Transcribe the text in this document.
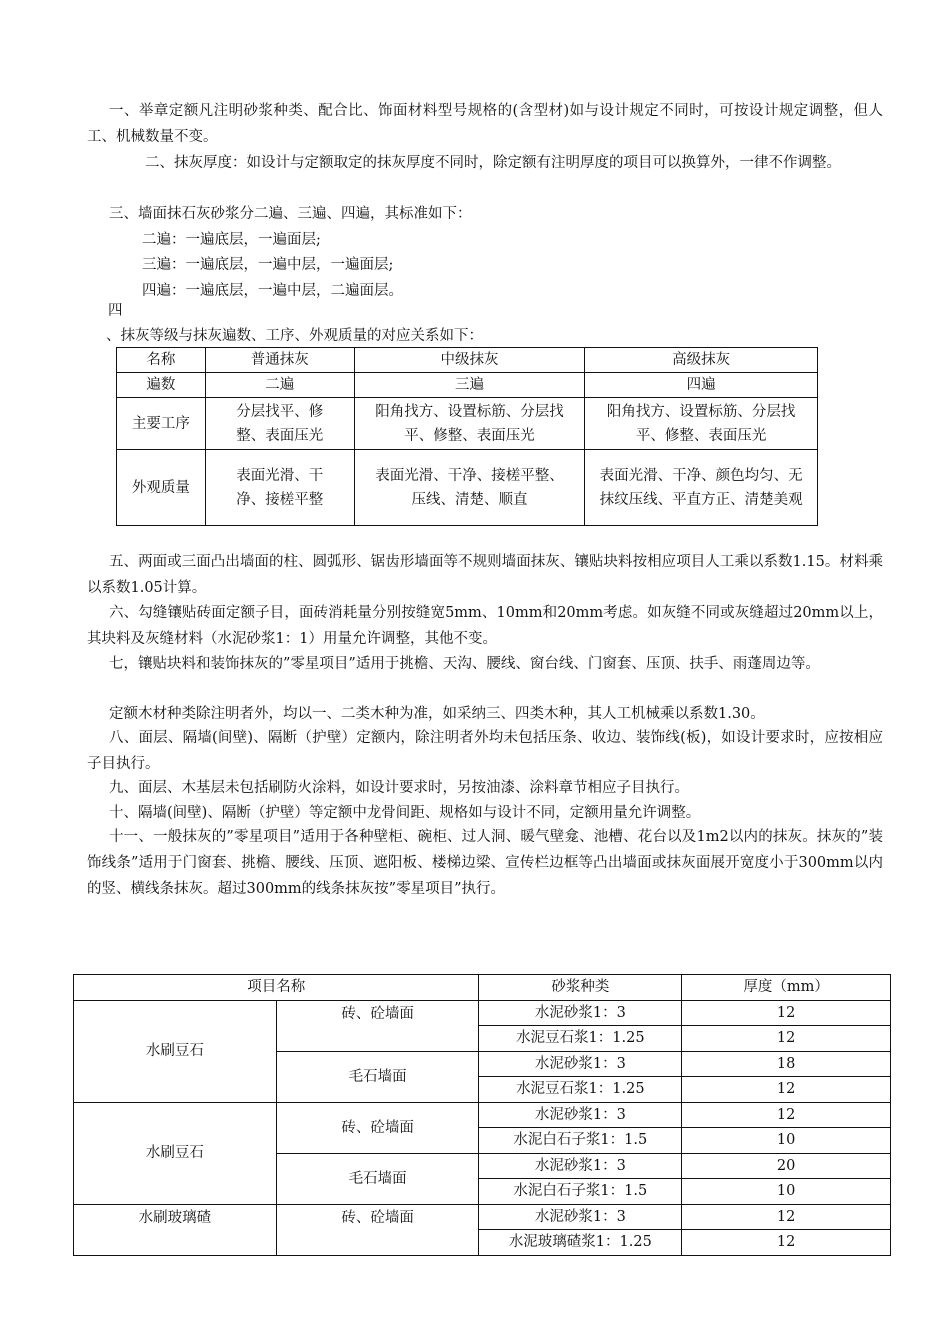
一、举章定额凡注明砂浆种类、配合比、饰面材料型号规格的(含型材)如与设计规定不同时，可按设计规定调整，但人工、机械数量不变。

二、抹灰厚度：如设计与定额取定的抹灰厚度不同时，除定额有注明厚度的项目可以换算外，一律不作调整。

三、墙面抹石灰砂浆分二遍、三遍、四遍，其标准如下：

二遍：一遍底层，一遍面层;

三遍：一遍底层，一遍中层，一遍面层;

四遍：一遍底层，一遍中层，二遍面层。

四

、抹灰等级与抹灰遍数、工序、外观质量的对应关系如下：

名称	普通抹灰	中级抹灰	高级抹灰
遍数	二遍	三遍	四遍
主要工序	分层找平、修整、表面压光	阳角找方、设置标筋、分层找平、修整、表面压光	阳角找方、设置标筋、分层找平、修整、表面压光
外观质量	表面光滑、干净、接槎平整	表面光滑、干净、接槎平整、压线、清楚、顺直	表面光滑、干净、颜色均匀、无抹纹压线、平直方正、清楚美观

五、两面或三面凸出墙面的柱、圆弧形、锯齿形墙面等不规则墙面抹灰、镶贴块料按相应项目人工乘以系数1.15。材料乘以系数1.05计算。

六、勾缝镶贴砖面定额子目，面砖消耗量分别按缝宽5mm、10mm和20mm考虑。如灰缝不同或灰缝超过20mm以上，其块料及灰缝材料（水泥砂浆1：1）用量允许调整，其他不变。

七，镶贴块料和装饰抹灰的”零星项目”适用于挑檐、天沟、腰线、窗台线、门窗套、压顶、扶手、雨蓬周边等。

定额木材种类除注明者外，均以一、二类木种为准，如采纳三、四类木种，其人工机械乘以系数1.30。

八、面层、隔墙(间壁)、隔断（护壁）定额内，除注明者外均未包括压条、收边、装饰线(板)，如设计要求时，应按相应子目执行。

九、面层、木基层未包括刷防火涂料，如设计要求时，另按油漆、涂料章节相应子目执行。

十、隔墙(间壁)、隔断（护壁）等定额中龙骨间距、规格如与设计不同，定额用量允许调整。

十一、一般抹灰的”零星项目”适用于各种壁柜、碗柜、过人洞、暖气壁龛、池槽、花台以及1m2以内的抹灰。抹灰的”装饰线条”适用于门窗套、挑檐、腰线、压顶、遮阳板、楼梯边梁、宣传栏边框等凸出墙面或抹灰面展开宽度小于300mm以内的竖、横线条抹灰。超过300mm的线条抹灰按”零星项目”执行。

项目名称		砂浆种类	厚度（mm）
水刷豆石	砖、砼墙面	水泥砂浆1：3	12
		水泥豆石浆1：1.25	12
	毛石墙面	水泥砂浆1：3	18
		水泥豆石浆1：1.25	12
水刷豆石	砖、砼墙面	水泥砂浆1：3	12
		水泥白石子浆1：1.5	10
	毛石墙面	水泥砂浆1：3	20
		水泥白石子浆1：1.5	10
水刷玻璃碴	砖、砼墙面	水泥砂浆1：3	12
		水泥玻璃碴浆1：1.25	12
